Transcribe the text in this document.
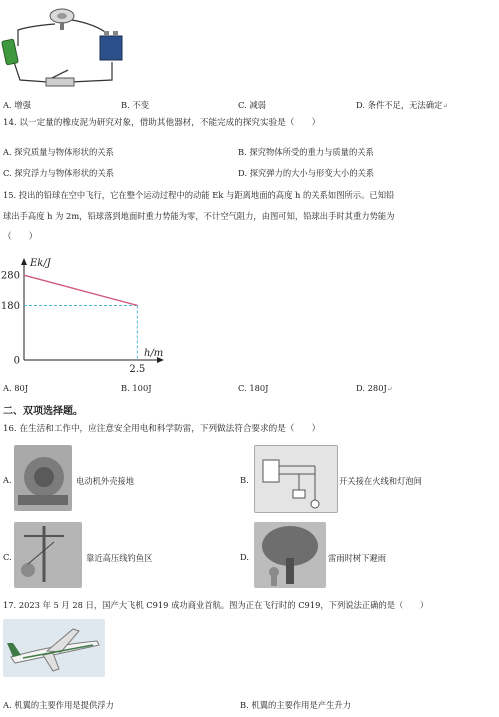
A. 增强	B. 不变	C. 减弱	D. 条件不足，无法确定↵
14. 以一定量的橡皮泥为研究对象，借助其他器材，不能完成的探究实验是（　　）
A. 探究质量与物体形状的关系	B. 探究物体所受的重力与质量的关系
C. 探究浮力与物体形状的关系	D. 探究弹力的大小与形变大小的关系
15. 投出的铅球在空中飞行，它在整个运动过程中的动能 Ek 与距离地面的高度 h 的关系如图所示。已知铅
球出手高度 h 为 2m，铅球落到地面时重力势能为零，不计空气阻力，由图可知，铅球出手时其重力势能为
（　　）
Ek/J
h/m
280
180
0
2.5
A. 80J	B. 100J	C. 180J	D. 280J↵
二、双项选择题。
16. 在生活和工作中，应注意安全用电和科学防雷，下列做法符合要求的是（　　）
A.	电动机外壳接地	B.	开关接在火线和灯泡间
C.	靠近高压线钓鱼区	D.	雷雨时树下避雨
17. 2023 年 5 月 28 日，国产大飞机 C919 成功商业首航。图为正在飞行时的 C919，下列说法正确的是（　　）
A. 机翼的主要作用是提供浮力	B. 机翼的主要作用是产生升力
